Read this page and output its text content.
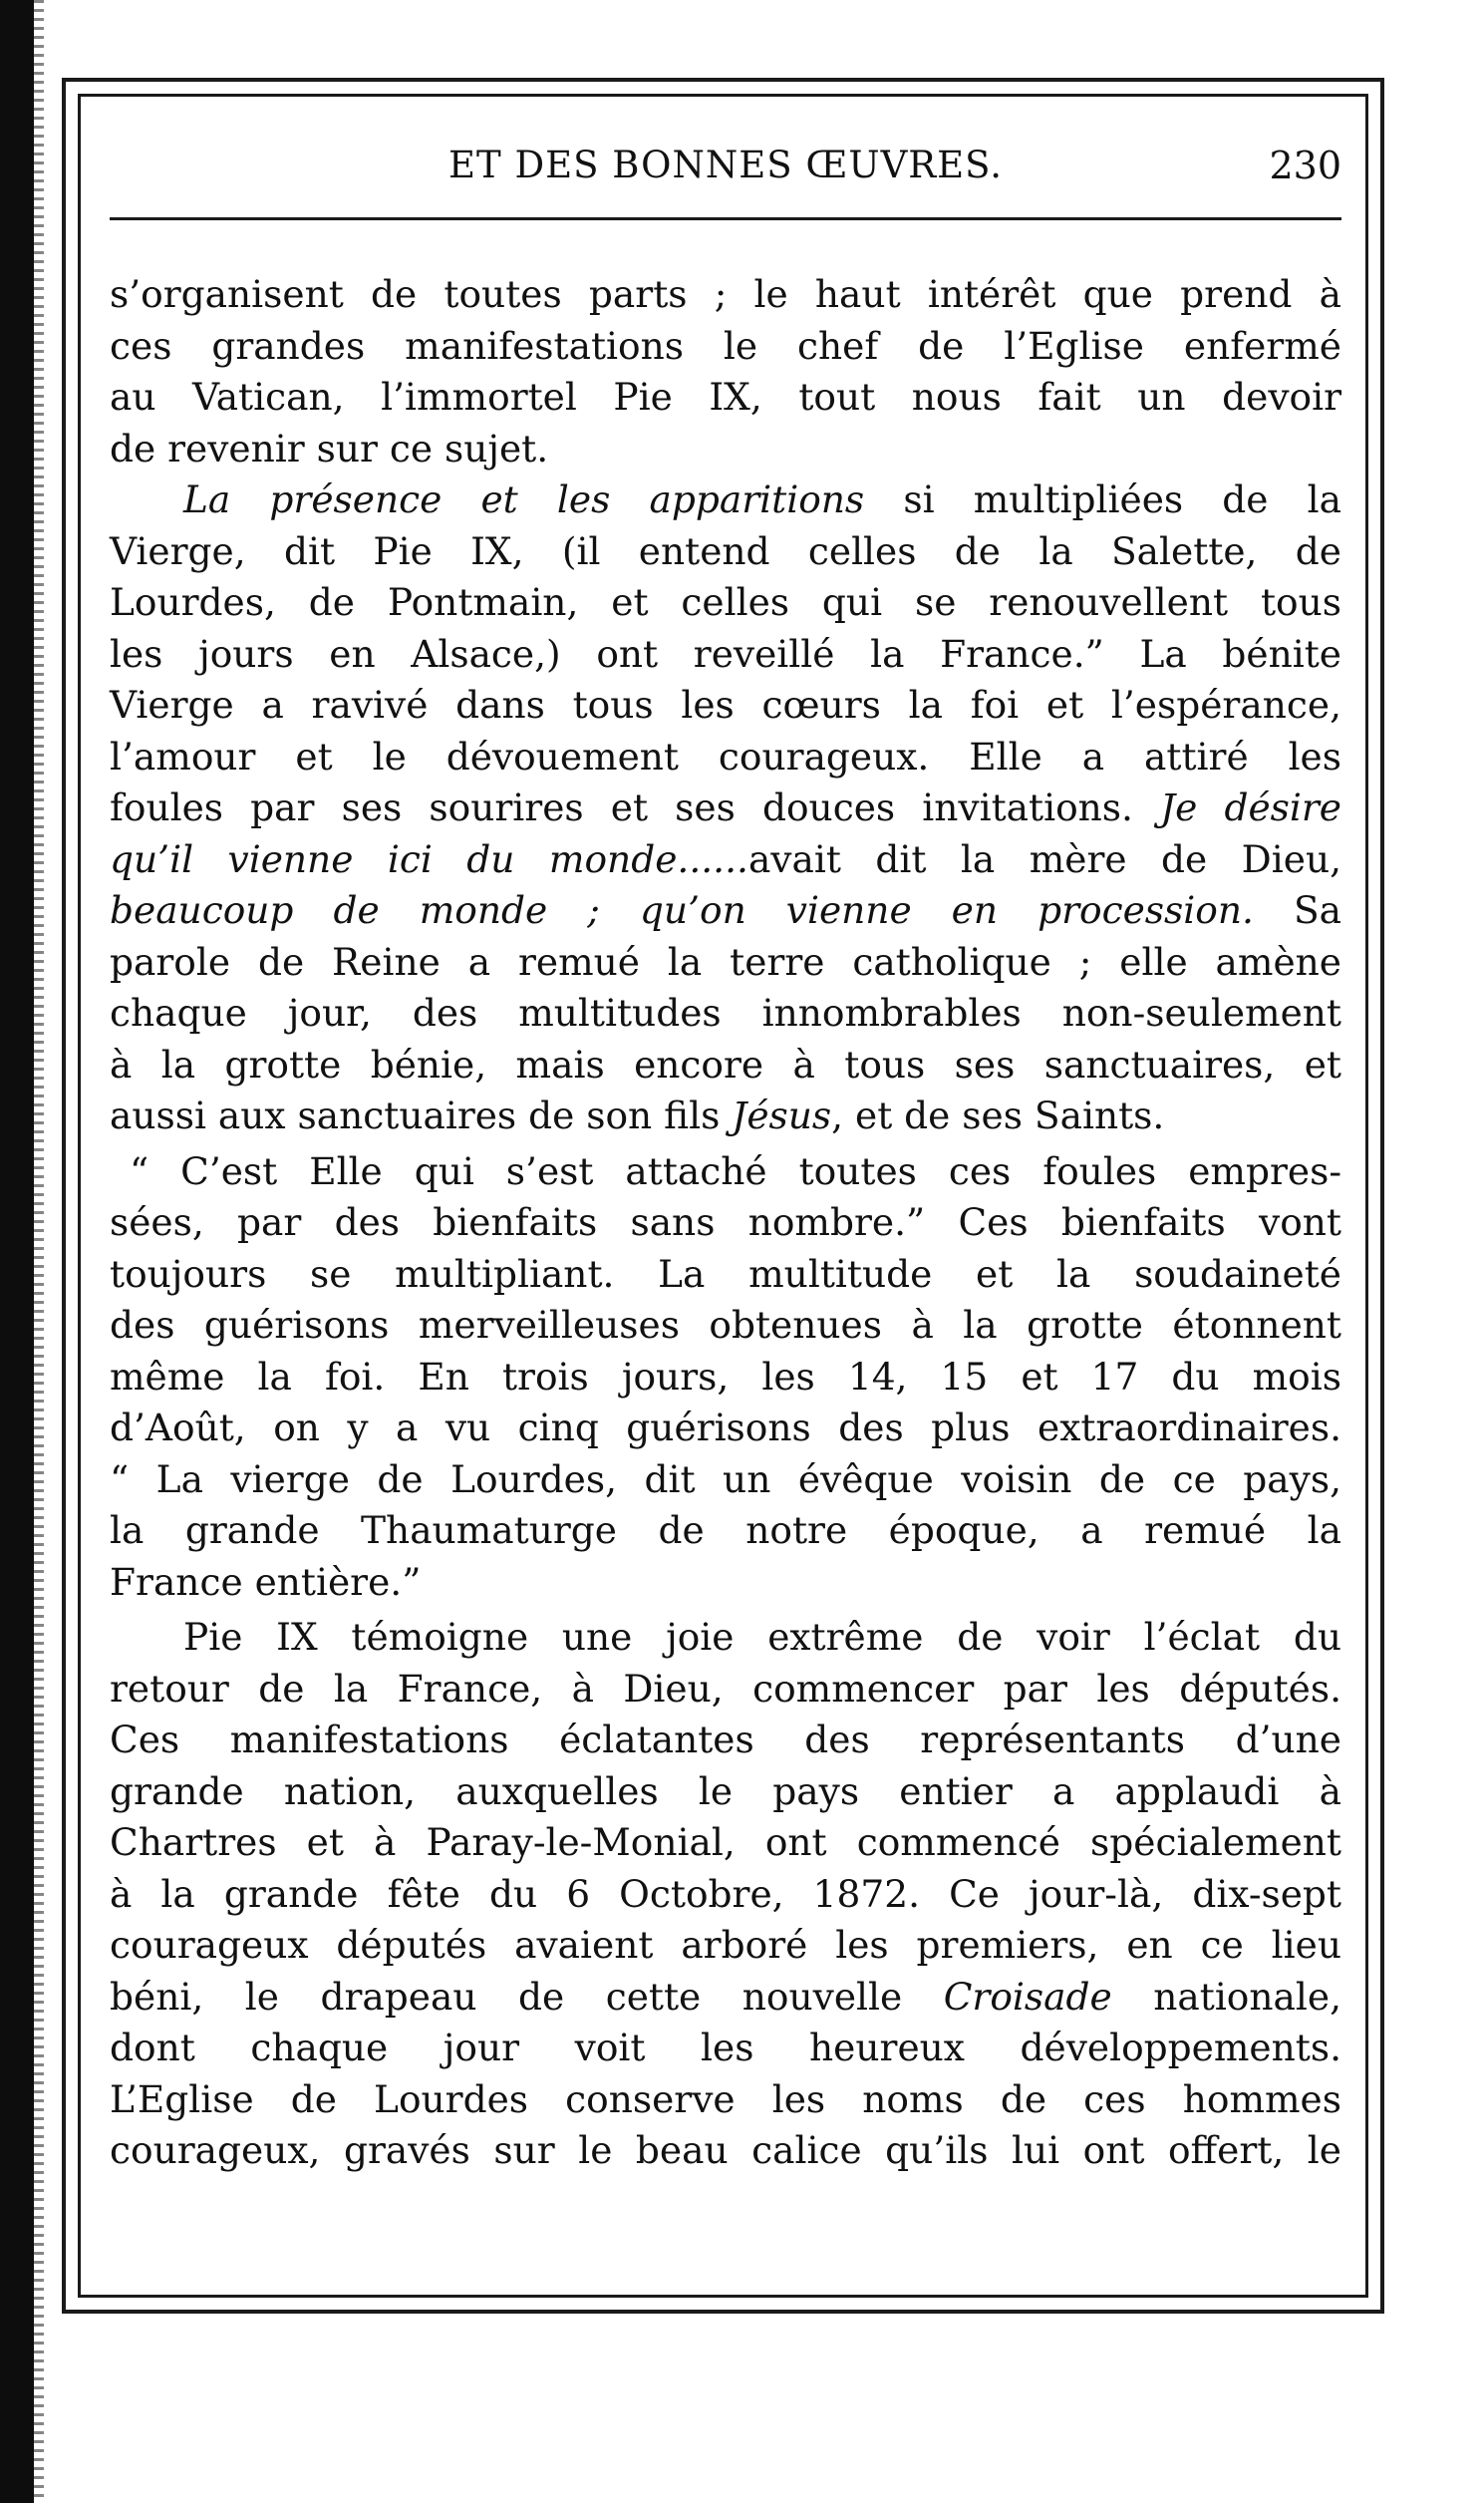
ET DES BONNES ŒUVRES.	230

s’organisent de toutes parts ; le haut intérêt que prend à
ces grandes manifestations le chef de l’Eglise enfermé
au Vatican, l’immortel Pie IX, tout nous fait un devoir
de revenir sur ce sujet.

La présence et les apparitions si multipliées de la
Vierge, dit Pie IX, (il entend celles de la Salette, de
Lourdes, de Pontmain, et celles qui se renouvellent tous
les jours en Alsace,) ont reveillé la France.” La bénite
Vierge a ravivé dans tous les cœurs la foi et l’espérance,
l’amour et le dévouement courageux. Elle a attiré les
foules par ses sourires et ses douces invitations. Je désire
qu’il vienne ici du monde......avait dit la mère de Dieu,
beaucoup de monde ; qu’on vienne en procession. Sa
parole de Reine a remué la terre catholique ; elle amène
chaque jour, des multitudes innombrables non-seulement
à la grotte bénie, mais encore à tous ses sanctuaires, et
aussi aux sanctuaires de son fils Jésus, et de ses Saints.

“ C’est Elle qui s’est attaché toutes ces foules empres-
sées, par des bienfaits sans nombre.” Ces bienfaits vont
toujours se multipliant. La multitude et la soudaineté
des guérisons merveilleuses obtenues à la grotte étonnent
même la foi. En trois jours, les 14, 15 et 17 du mois
d’Août, on y a vu cinq guérisons des plus extraordinaires.
“ La vierge de Lourdes, dit un évêque voisin de ce pays,
la grande Thaumaturge de notre époque, a remué la
France entière.”

Pie IX témoigne une joie extrême de voir l’éclat du
retour de la France, à Dieu, commencer par les députés.
Ces manifestations éclatantes des représentants d’une
grande nation, auxquelles le pays entier a applaudi à
Chartres et à Paray-le-Monial, ont commencé spécialement
à la grande fête du 6 Octobre, 1872. Ce jour-là, dix-sept
courageux députés avaient arboré les premiers, en ce lieu
béni, le drapeau de cette nouvelle Croisade nationale,
dont chaque jour voit les heureux développements.
L’Eglise de Lourdes conserve les noms de ces hommes
courageux, gravés sur le beau calice qu’ils lui ont offert, le
